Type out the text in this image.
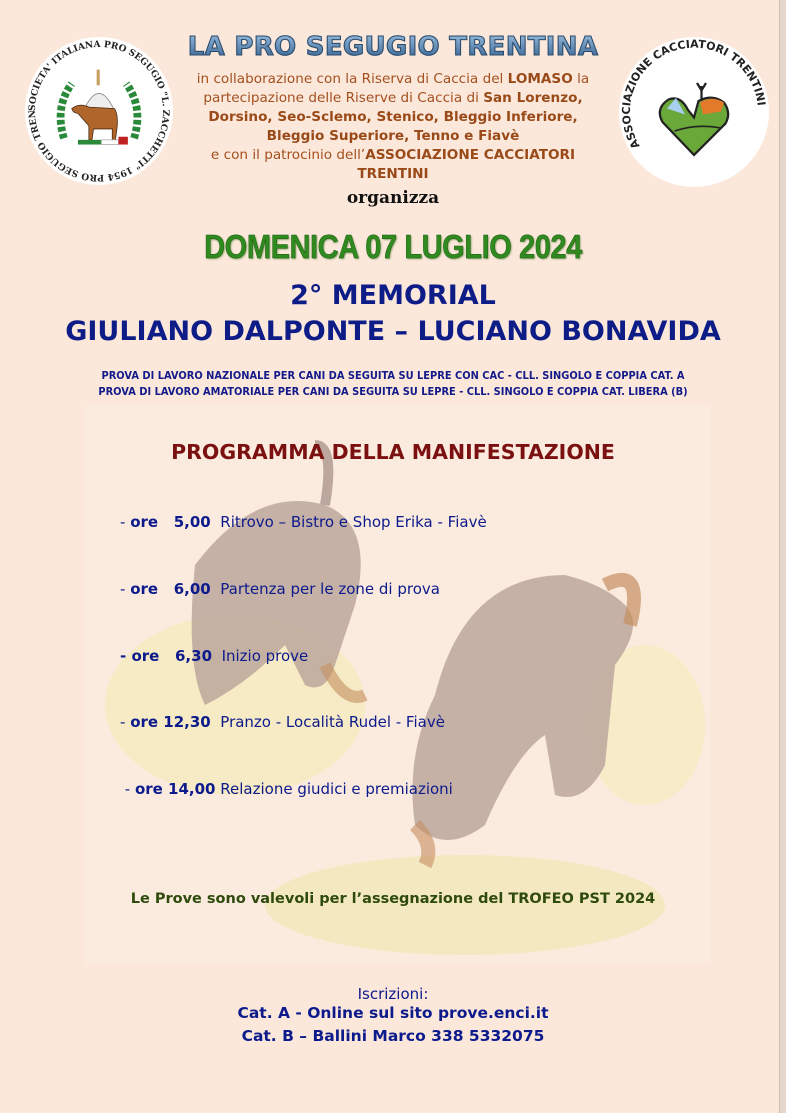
SOCIETA' ITALIANA PRO SEGUGIO "L. ZACCHETTI" 1954 PRO SEGUGIO TREN
ASSOCIAZIONE CACCIATORI TRENTINI
LA PRO SEGUGIO TRENTINA
in collaborazione con la Riserva di Caccia del LOMASO la partecipazione delle Riserve di Caccia di San Lorenzo, Dorsino, Seo-Sclemo, Stenico, Bleggio Inferiore, Bleggio Superiore, Tenno e Fiavè
e con il patrocinio dell’ASSOCIAZIONE CACCIATORI TRENTINI
organizza
DOMENICA 07 LUGLIO 2024
2° MEMORIAL
GIULIANO DALPONTE – LUCIANO BONAVIDA
PROVA DI LAVORO NAZIONALE PER CANI DA SEGUITA SU LEPRE CON CAC - CLL. SINGOLO E COPPIA CAT. A
PROVA DI LAVORO AMATORIALE PER CANI DA SEGUITA SU LEPRE - CLL. SINGOLO E COPPIA CAT. LIBERA (B)
PROGRAMMA DELLA MANIFESTAZIONE
- ore   5,00 Ritrovo – Bistro e Shop Erika - Fiavè
- ore   6,00 Partenza per le zone di prova
- ore   6,30 Inizio prove
- ore 12,30 Pranzo - Località Rudel - Fiavè
- ore 14,00 Relazione giudici e premiazioni
Le Prove sono valevoli per l’assegnazione del TROFEO PST 2024
Iscrizioni:
Cat. A - Online sul sito prove.enci.it
Cat. B – Ballini Marco 338 5332075
